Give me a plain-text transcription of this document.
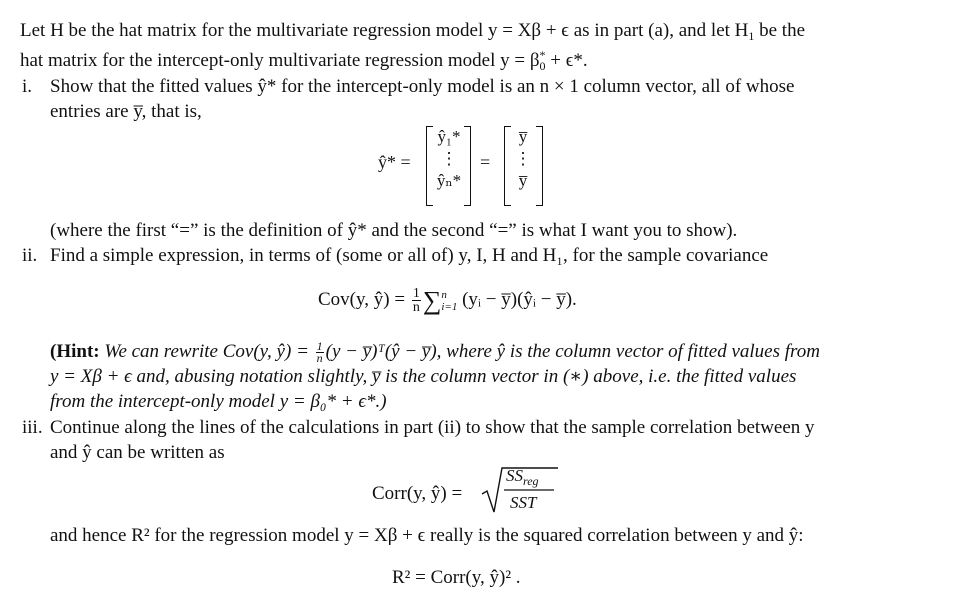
Let H be the hat matrix for the multivariate regression model y = Xβ + ϵ as in part (a), and let $H_1$ be the
hat matrix for the intercept-only multivariate regression model $y = \beta^*_0 + \epsilon*$.
i. Show that the fitted values ŷ* for the intercept-only model is an n × 1 column vector, all of whose
entries are y̅, that is,
ŷ* =
ŷ₁*
⋮
ŷₙ*
=
y̅
⋮
y̅
(where the first “=” is the definition of ŷ* and the second “=” is what I want you to show).
ii. Find a simple expression, in terms of (some or all of) y, I, H and H₁, for the sample covariance
Cov(y, ŷ) = $\frac{1}{n}$ ∑ n
i=1 (yᵢ − y̅)(ŷᵢ − y̅).
(Hint: We can rewrite Cov(y, ŷ) = $\frac{1}{n} (y$ − y̅)ᵀ(ŷ − y̅), where ŷ is the column vector of fitted values from
y = Xβ + ϵ and, abusing notation slightly, y̅ is the column vector in (∗) above, i.e. the fitted values
from the intercept-only model y = β₀* + ϵ*.)
iii. Continue along the lines of the calculations in part (ii) to show that the sample correlation between y
and ŷ can be written as
Corr(y, ŷ) =
$SS_{reg}$
SST
and hence R² for the regression model y = Xβ + ϵ really is the squared correlation between y and ŷ:
R² = Corr(y, ŷ)² .
